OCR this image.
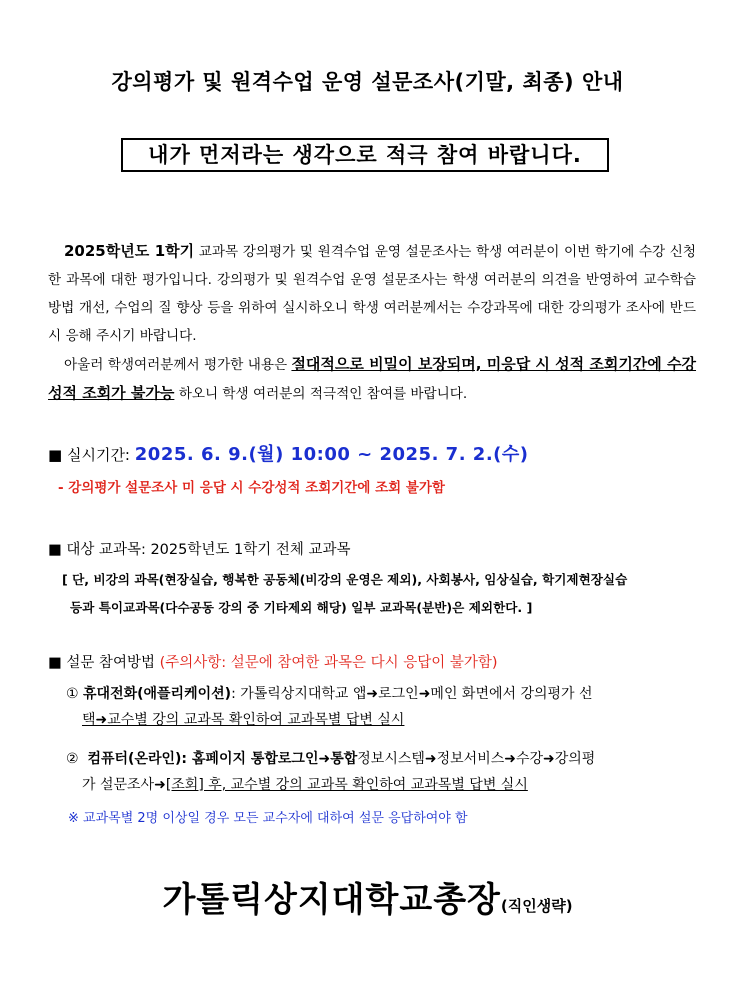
강의평가 및 원격수업 운영 설문조사(기말, 최종) 안내
내가 먼저라는 생각으로 적극 참여 바랍니다.

2025학년도 1학기 교과목 강의평가 및 원격수업 운영 설문조사는 학생 여러분이 이번 학기에 수강 신청한 과목에 대한 평가입니다. 강의평가 및 원격수업 운영 설문조사는 학생 여러분의 의견을 반영하여 교수학습방법 개선, 수업의 질 향상 등을 위하여 실시하오니 학생 여러분께서는 수강과목에 대한 강의평가 조사에 반드시 응해 주시기 바랍니다.

아울러 학생여러분께서 평가한 내용은 절대적으로 비밀이 보장되며, 미응답 시 성적 조회기간에 수강성적 조회가 불가능 하오니 학생 여러분의 적극적인 참여를 바랍니다.

■ 실시기간: 2025. 6. 9.(월) 10:00 ~ 2025. 7. 2.(수)
- 강의평가 설문조사 미 응답 시 수강성적 조회기간에 조회 불가함
■ 대상 교과목: 2025학년도 1학기 전체 교과목

[ 단, 비강의 과목(현장실습, 행복한 공동체(비강의 운영은 제외), 사회봉사, 임상실습, 학기제현장실습

등과 특이교과목(다수공동 강의 중 기타제외 해당) 일부 교과목(분반)은 제외한다. ]

■ 설문 참여방법 (주의사항: 설문에 참여한 과목은 다시 응답이 불가함)

① 휴대전화(애플리케이션): 가톨릭상지대학교 앱➜로그인➜메인 화면에서 강의평가 선

택➜교수별 강의 교과목 확인하여 교과목별 답변 실시

② 컴퓨터(온라인): 홈페이지 통합로그인➜통합정보시스템➜정보서비스➜수강➜강의평

가 설문조사➜[조회] 후, 교수별 강의 교과목 확인하여 교과목별 답변 실시

※ 교과목별 2명 이상일 경우 모든 교수자에 대하여 설문 응답하여야 함
가톨릭상지대학교총장(직인생략)
